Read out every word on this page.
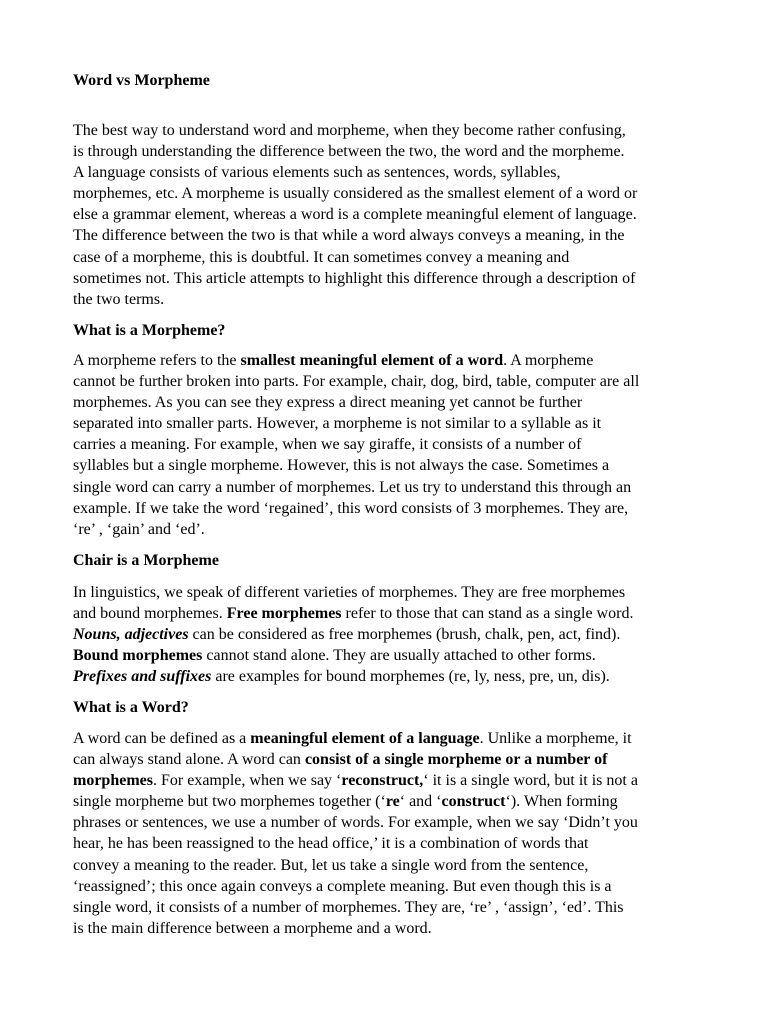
Word vs Morpheme

The best way to understand word and morpheme, when they become rather confusing,
is through understanding the difference between the two, the word and the morpheme.
A language consists of various elements such as sentences, words, syllables,
morphemes, etc. A morpheme is usually considered as the smallest element of a word or
else a grammar element, whereas a word is a complete meaningful element of language.
The difference between the two is that while a word always conveys a meaning, in the
case of a morpheme, this is doubtful. It can sometimes convey a meaning and
sometimes not. This article attempts to highlight this difference through a description of
the two terms.

What is a Morpheme?

A morpheme refers to the smallest meaningful element of a word. A morpheme
cannot be further broken into parts. For example, chair, dog, bird, table, computer are all
morphemes. As you can see they express a direct meaning yet cannot be further
separated into smaller parts. However, a morpheme is not similar to a syllable as it
carries a meaning. For example, when we say giraffe, it consists of a number of
syllables but a single morpheme. However, this is not always the case. Sometimes a
single word can carry a number of morphemes. Let us try to understand this through an
example. If we take the word ‘regained’, this word consists of 3 morphemes. They are,
‘re’ , ‘gain’ and ‘ed’.

Chair is a Morpheme

In linguistics, we speak of different varieties of morphemes. They are free morphemes
and bound morphemes. Free morphemes refer to those that can stand as a single word.
Nouns, adjectives can be considered as free morphemes (brush, chalk, pen, act, find).
Bound morphemes cannot stand alone. They are usually attached to other forms.
Prefixes and suffixes are examples for bound morphemes (re, ly, ness, pre, un, dis).

What is a Word?

A word can be defined as a meaningful element of a language. Unlike a morpheme, it
can always stand alone. A word can consist of a single morpheme or a number of
morphemes. For example, when we say ‘reconstruct,‘ it is a single word, but it is not a
single morpheme but two morphemes together (‘re‘ and ‘construct‘). When forming
phrases or sentences, we use a number of words. For example, when we say ‘Didn’t you
hear, he has been reassigned to the head office,’ it is a combination of words that
convey a meaning to the reader. But, let us take a single word from the sentence,
‘reassigned’; this once again conveys a complete meaning. But even though this is a
single word, it consists of a number of morphemes. They are, ‘re’ , ‘assign’, ‘ed’. This
is the main difference between a morpheme and a word.
